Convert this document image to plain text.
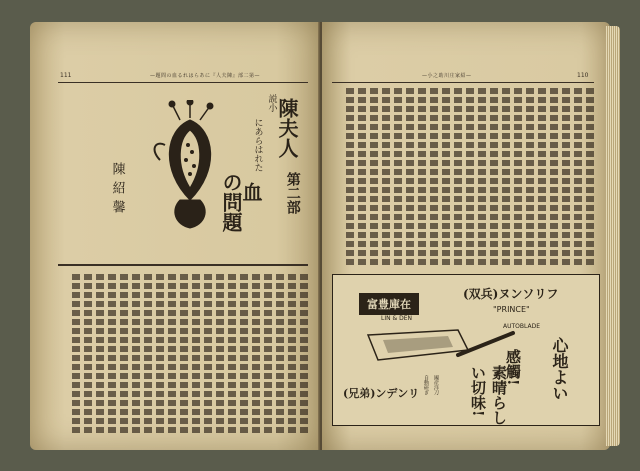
111	—題問の血るれはらあに『人夫陳』部二第—
説小
陳夫人
にあらはれた
血
の問題	第二部
陳紹馨
—小之助川庄家紹—	110
富豊庫在
LIN & DEN
(双兵)ヌンソリフ
"PRINCE"
AUTOBLADE
心地よい
感觸!
素晴らしい切味!
(兄弟)ンデンリ	國産洋刀
自動研ぎ
